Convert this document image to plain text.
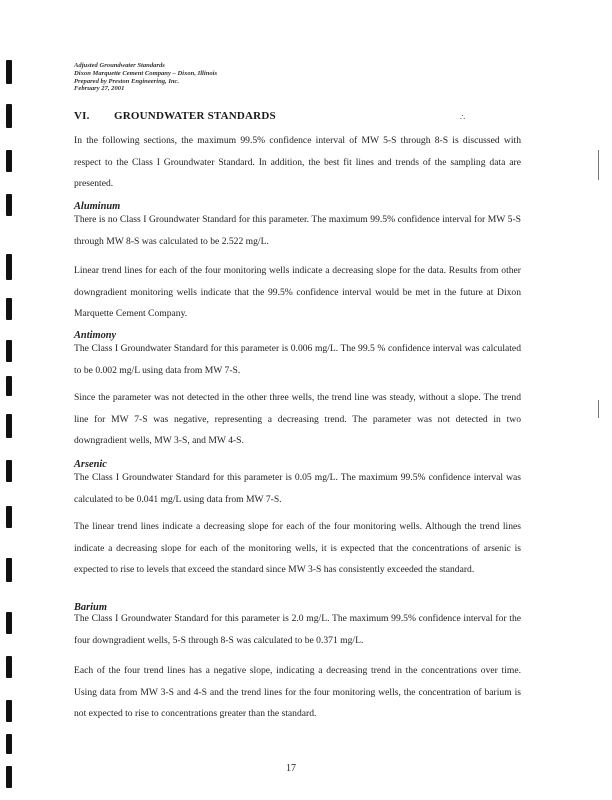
Adjusted Groundwater Standards
Dixon Marquette Cement Company – Dixon, Illinois
Prepared by Preston Engineering, Inc.
February 27, 2001
VI. GROUNDWATER STANDARDS	∴
In the following sections, the maximum 99.5% confidence interval of MW 5-S through 8-S is discussed with respect to the Class I Groundwater Standard. In addition, the best fit lines and trends of the sampling data are presented.
Aluminum
There is no Class I Groundwater Standard for this parameter. The maximum 99.5% confidence interval for MW 5-S through MW 8-S was calculated to be 2.522 mg/L.
Linear trend lines for each of the four monitoring wells indicate a decreasing slope for the data. Results from other downgradient monitoring wells indicate that the 99.5% confidence interval would be met in the future at Dixon Marquette Cement Company.
Antimony
The Class I Groundwater Standard for this parameter is 0.006 mg/L. The 99.5 % confidence interval was calculated to be 0.002 mg/L using data from MW 7-S.
Since the parameter was not detected in the other three wells, the trend line was steady, without a slope. The trend line for MW 7-S was negative, representing a decreasing trend. The parameter was not detected in two downgradient wells, MW 3-S, and MW 4-S.
Arsenic
The Class I Groundwater Standard for this parameter is 0.05 mg/L. The maximum 99.5% confidence interval was calculated to be 0.041 mg/L using data from MW 7-S.
The linear trend lines indicate a decreasing slope for each of the four monitoring wells. Although the trend lines indicate a decreasing slope for each of the monitoring wells, it is expected that the concentrations of arsenic is expected to rise to levels that exceed the standard since MW 3-S has consistently exceeded the standard.
Barium
The Class I Groundwater Standard for this parameter is 2.0 mg/L. The maximum 99.5% confidence interval for the four downgradient wells, 5-S through 8-S was calculated to be 0.371 mg/L.
Each of the four trend lines has a negative slope, indicating a decreasing trend in the concentrations over time. Using data from MW 3-S and 4-S and the trend lines for the four monitoring wells, the concentration of barium is not expected to rise to concentrations greater than the standard.
17
